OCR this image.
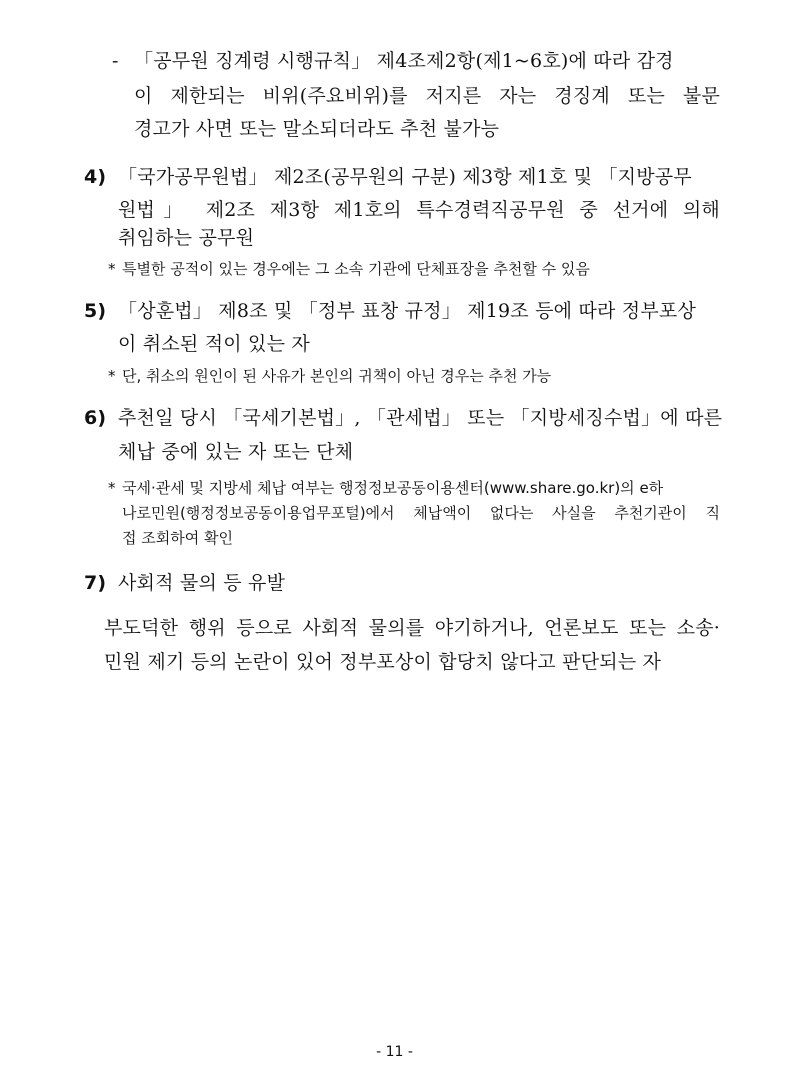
- 「공무원 징계령 시행규칙」 제4조제2항(제1~6호)에 따라 감경
이 제한되는 비위(주요비위)를 저지른 자는 경징계 또는 불문
경고가 사면 또는 말소되더라도 추천 불가능
4) 「국가공무원법」 제2조(공무원의 구분) 제3항 제1호 및 「지방공무
원법」 제2조 제3항 제1호의 특수경력직공무원 중 선거에 의해
취임하는 공무원
* 특별한 공적이 있는 경우에는 그 소속 기관에 단체표장을 추천할 수 있음
5) 「상훈법」 제8조 및 「정부 표창 규정」 제19조 등에 따라 정부포상
이 취소된 적이 있는 자
* 단, 취소의 원인이 된 사유가 본인의 귀책이 아닌 경우는 추천 가능
6) 추천일 당시 「국세기본법」, 「관세법」 또는 「지방세징수법」에 따른
체납 중에 있는 자 또는 단체
* 국세·관세 및 지방세 체납 여부는 행정정보공동이용센터(www.share.go.kr)의 e하
나로민원(행정정보공동이용업무포털)에서 체납액이 없다는 사실을 추천기관이 직
접 조회하여 확인
7) 사회적 물의 등 유발
부도덕한 행위 등으로 사회적 물의를 야기하거나, 언론보도 또는 소송·
민원 제기 등의 논란이 있어 정부포상이 합당치 않다고 판단되는 자
- 11 -
